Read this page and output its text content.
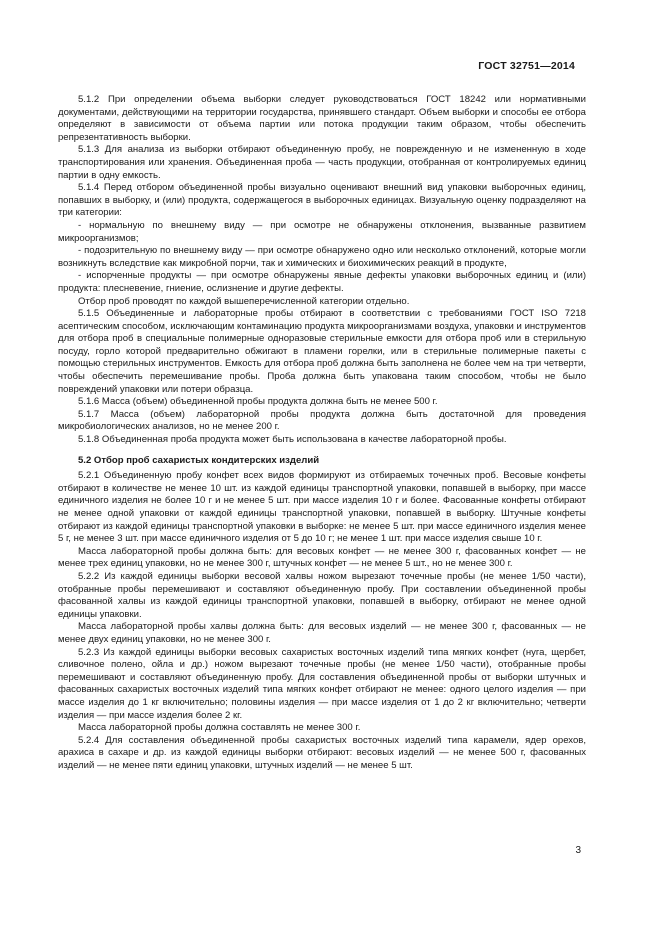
ГОСТ 32751—2014

5.1.2 При определении объема выборки следует руководствоваться ГОСТ 18242 или нормативными документами, действующими на территории государства, принявшего стандарт. Объем выборки и способы ее отбора определяют в зависимости от объема партии или потока продукции таким образом, чтобы обеспечить репрезентативность выборки.

5.1.3 Для анализа из выборки отбирают объединенную пробу, не поврежденную и не измененную в ходе транспортирования или хранения. Объединенная проба — часть продукции, отобранная от контролируемых единиц партии в одну емкость.

5.1.4 Перед отбором объединенной пробы визуально оценивают внешний вид упаковки выборочных единиц, попавших в выборку, и (или) продукта, содержащегося в выборочных единицах. Визуальную оценку подразделяют на три категории:

- нормальную по внешнему виду — при осмотре не обнаружены отклонения, вызванные развитием микроорганизмов;

- подозрительную по внешнему виду — при осмотре обнаружено одно или несколько отклонений, которые могли возникнуть вследствие как микробной порчи, так и химических и биохимических реакций в продукте,

- испорченные продукты — при осмотре обнаружены явные дефекты упаковки выборочных единиц и (или) продукта: плесневение, гниение, ослизнение и другие дефекты.

Отбор проб проводят по каждой вышеперечисленной категории отдельно.

5.1.5 Объединенные и лабораторные пробы отбирают в соответствии с требованиями ГОСТ ISO 7218 асептическим способом, исключающим контаминацию продукта микроорганизмами воздуха, упаковки и инструментов для отбора проб в специальные полимерные одноразовые стерильные емкости для отбора проб или в стерильную посуду, горло которой предварительно обжигают в пламени горелки, или в стерильные полимерные пакеты с помощью стерильных инструментов. Емкость для отбора проб должна быть заполнена не более чем на три четверти, чтобы обеспечить перемешивание пробы. Проба должна быть упакована таким способом, чтобы не было повреждений упаковки или потери образца.

5.1.6 Масса (объем) объединенной пробы продукта должна быть не менее 500 г.

5.1.7 Масса (объем) лабораторной пробы продукта должна быть достаточной для проведения микробиологических анализов, но не менее 200 г.

5.1.8 Объединенная проба продукта может быть использована в качестве лабораторной пробы.

5.2 Отбор проб сахаристых кондитерских изделий

5.2.1 Объединенную пробу конфет всех видов формируют из отбираемых точечных проб. Весовые конфеты отбирают в количестве не менее 10 шт. из каждой единицы транспортной упаковки, попавшей в выборку, при массе единичного изделия не более 10 г и не менее 5 шт. при массе изделия 10 г и более. Фасованные конфеты отбирают не менее одной упаковки от каждой единицы транспортной упаковки, попавшей в выборку. Штучные конфеты отбирают из каждой единицы транспортной упаковки в выборке: не менее 5 шт. при массе единичного изделия менее 5 г, не менее 3 шт. при массе единичного изделия от 5 до 10 г; не менее 1 шт. при массе изделия свыше 10 г.

Масса лабораторной пробы должна быть: для весовых конфет — не менее 300 г, фасованных конфет — не менее трех единиц упаковки, но не менее 300 г, штучных конфет — не менее 5 шт., но не менее 300 г.

5.2.2 Из каждой единицы выборки весовой халвы ножом вырезают точечные пробы (не менее 1/50 части), отобранные пробы перемешивают и составляют объединенную пробу. При составлении объединенной пробы фасованной халвы из каждой единицы транспортной упаковки, попавшей в выборку, отбирают не менее одной единицы упаковки.

Масса лабораторной пробы халвы должна быть: для весовых изделий — не менее 300 г, фасованных — не менее двух единиц упаковки, но не менее 300 г.

5.2.3 Из каждой единицы выборки весовых сахаристых восточных изделий типа мягких конфет (нуга, щербет, сливочное полено, ойла и др.) ножом вырезают точечные пробы (не менее 1/50 части), отобранные пробы перемешивают и составляют объединенную пробу. Для составления объединенной пробы от выборки штучных и фасованных сахаристых восточных изделий типа мягких конфет отбирают не менее: одного целого изделия — при массе изделия до 1 кг включительно; половины изделия — при массе изделия от 1 до 2 кг включительно; четверти изделия — при массе изделия более 2 кг.

Масса лабораторной пробы должна составлять не менее 300 г.

5.2.4 Для составления объединенной пробы сахаристых восточных изделий типа карамели, ядер орехов, арахиса в сахаре и др. из каждой единицы выборки отбирают: весовых изделий — не менее 500 г, фасованных изделий — не менее пяти единиц упаковки, штучных изделий — не менее 5 шт.

3
